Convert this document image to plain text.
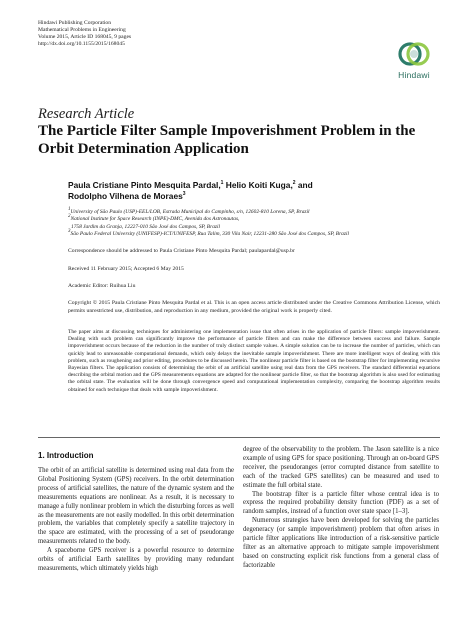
Hindawi Publishing Corporation
Mathematical Problems in Engineering
Volume 2015, Article ID 168045, 9 pages
http://dx.doi.org/10.1155/2015/168045
Hindawi
Research Article
The Particle Filter Sample Impoverishment Problem in the Orbit Determination Application
Paula Cristiane Pinto Mesquita Pardal,$^1$ Helio Koiti Kuga,$^2$ and
Rodolpho Vilhena de Moraes$^3$
1University of São Paulo (USP)-EEL/LOB, Estrada Municipal do Campinho, s/n, 12602-810 Lorena, SP, Brazil
2National Institute for Space Research (INPE)-DMC, Avenida dos Astronautas,
1758 Jardim da Granja, 12227-010 São José dos Campos, SP, Brazil
3São Paulo Federal University (UNIFESP)-ICT/UNIFESP, Rua Talim, 330 Vila Nair, 12231-280 São José dos Campos, SP, Brazil
Correspondence should be addressed to Paula Cristiane Pinto Mesquita Pardal; paulapardal@usp.br
Received 11 February 2015; Accepted 6 May 2015
Academic Editor: Ruihua Liu
Copyright © 2015 Paula Cristiane Pinto Mesquita Pardal et al. This is an open access article distributed under the Creative Commons Attribution License, which permits unrestricted use, distribution, and reproduction in any medium, provided the original work is properly cited.
The paper aims at discussing techniques for administering one implementation issue that often arises in the application of particle filters: sample impoverishment. Dealing with such problem can significantly improve the performance of particle filters and can make the difference between success and failure. Sample impoverishment occurs because of the reduction in the number of truly distinct sample values. A simple solution can be to increase the number of particles, which can quickly lead to unreasonable computational demands, which only delays the inevitable sample impoverishment. There are more intelligent ways of dealing with this problem, such as roughening and prior editing, procedures to be discussed herein. The nonlinear particle filter is based on the bootstrap filter for implementing recursive Bayesian filters. The application consists of determining the orbit of an artificial satellite using real data from the GPS receivers. The standard differential equations describing the orbital motion and the GPS measurements equations are adapted for the nonlinear particle filter, so that the bootstrap algorithm is also used for estimating the orbital state. The evaluation will be done through convergence speed and computational implementation complexity, comparing the bootstrap algorithm results obtained for each technique that deals with sample impoverishment.
1. Introduction

The orbit of an artificial satellite is determined using real data from the Global Positioning System (GPS) receivers. In the orbit determination process of artificial satellites, the nature of the dynamic system and the measurements equations are nonlinear. As a result, it is necessary to manage a fully nonlinear problem in which the disturbing forces as well as the measurements are not easily modelled. In this orbit determination problem, the variables that completely specify a satellite trajectory in the space are estimated, with the processing of a set of pseudorange measurements related to the body.

A spaceborne GPS receiver is a powerful resource to determine orbits of artificial Earth satellites by providing many redundant measurements, which ultimately yields high

degree of the observability to the problem. The Jason satellite is a nice example of using GPS for space positioning. Through an on-board GPS receiver, the pseudoranges (error corrupted distance from satellite to each of the tracked GPS satellites) can be measured and used to estimate the full orbital state.

The bootstrap filter is a particle filter whose central idea is to express the required probability density function (PDF) as a set of random samples, instead of a function over state space [1–3].

Numerous strategies have been developed for solving the particles degeneracy (or sample impoverishment) problem that often arises in particle filter applications like introduction of a risk-sensitive particle filter as an alternative approach to mitigate sample impoverishment based on constructing explicit risk functions from a general class of factorizable
